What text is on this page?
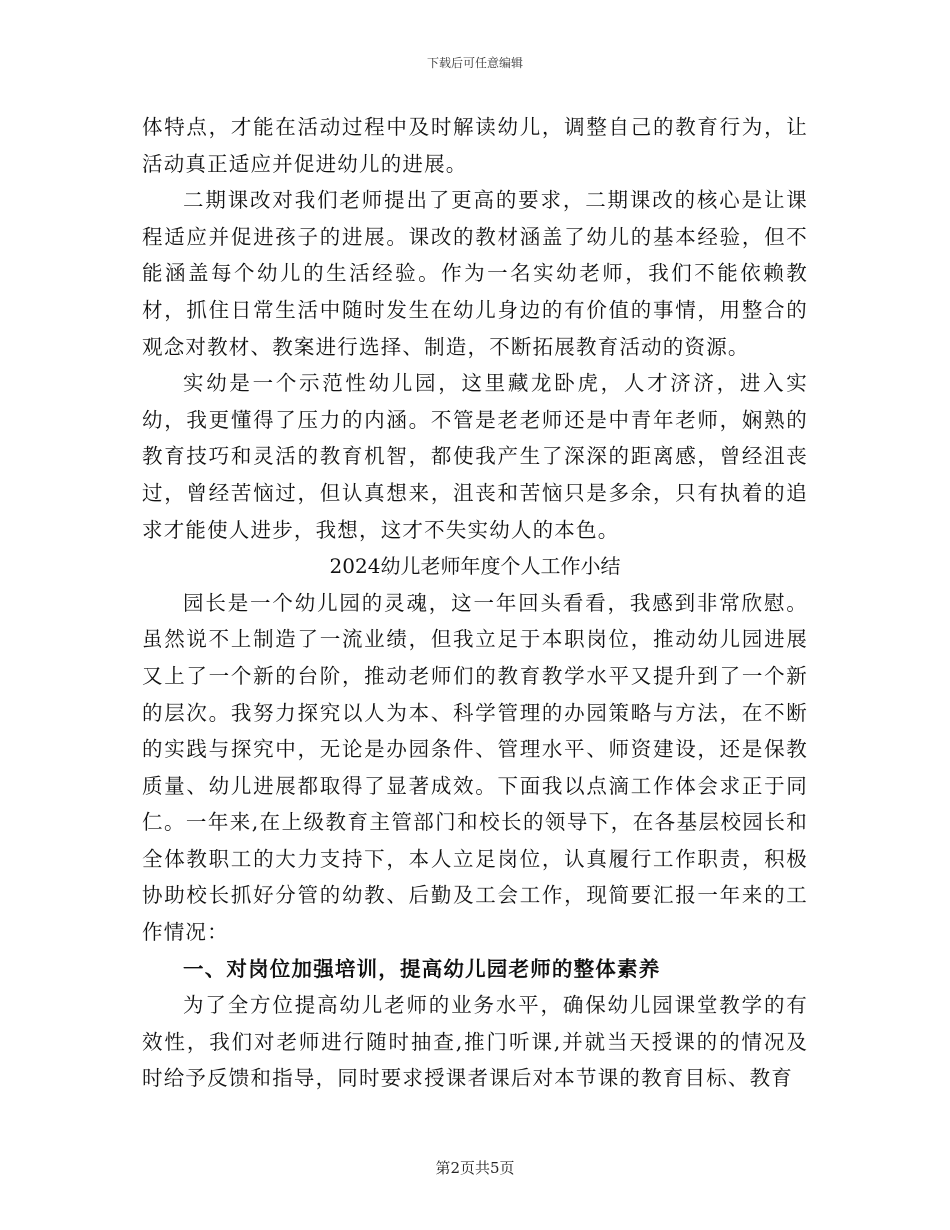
下载后可任意编辑

体特点，才能在活动过程中及时解读幼儿，调整自己的教育行为，让活动真正适应并促进幼儿的进展。

二期课改对我们老师提出了更高的要求，二期课改的核心是让课程适应并促进孩子的进展。课改的教材涵盖了幼儿的基本经验，但不能涵盖每个幼儿的生活经验。作为一名实幼老师，我们不能依赖教材，抓住日常生活中随时发生在幼儿身边的有价值的事情，用整合的观念对教材、教案进行选择、制造，不断拓展教育活动的资源。

实幼是一个示范性幼儿园，这里藏龙卧虎，人才济济，进入实幼，我更懂得了压力的内涵。不管是老老师还是中青年老师，娴熟的教育技巧和灵活的教育机智，都使我产生了深深的距离感，曾经沮丧过，曾经苦恼过，但认真想来，沮丧和苦恼只是多余，只有执着的追求才能使人进步，我想，这才不失实幼人的本色。

2024幼儿老师年度个人工作小结

园长是一个幼儿园的灵魂，这一年回头看看，我感到非常欣慰。虽然说不上制造了一流业绩，但我立足于本职岗位，推动幼儿园进展又上了一个新的台阶，推动老师们的教育教学水平又提升到了一个新的层次。我努力探究以人为本、科学管理的办园策略与方法，在不断的实践与探究中，无论是办园条件、管理水平、师资建设，还是保教质量、幼儿进展都取得了显著成效。下面我以点滴工作体会求正于同仁。一年来,在上级教育主管部门和校长的领导下，在各基层校园长和全体教职工的大力支持下，本人立足岗位，认真履行工作职责，积极协助校长抓好分管的幼教、后勤及工会工作，现简要汇报一年来的工作情况：

一、对岗位加强培训，提高幼儿园老师的整体素养

为了全方位提高幼儿老师的业务水平，确保幼儿园课堂教学的有效性，我们对老师进行随时抽查,推门听课,并就当天授课的的情况及时给予反馈和指导，同时要求授课者课后对本节课的教育目标、教育

第2页共5页
